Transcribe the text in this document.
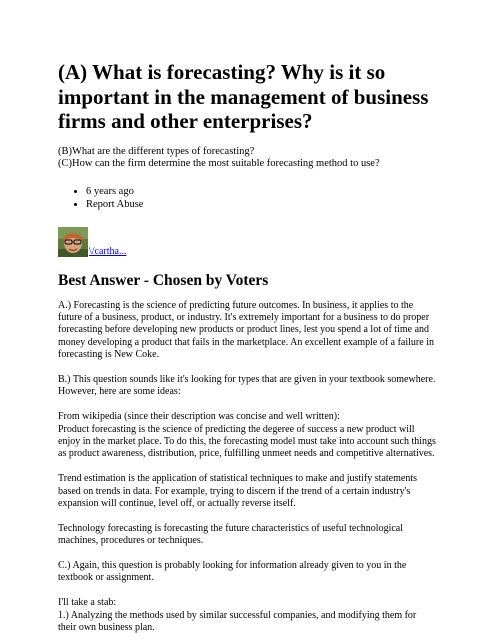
(A) What is forecasting? Why is it so important in the management of business firms and other enterprises?
(B)What are the different types of forecasting?
(C)How can the firm determine the most suitable forecasting method to use?
• 6 years ago
• Report Abuse
\/cartha...
Best Answer - Chosen by Voters

A.) Forecasting is the science of predicting future outcomes. In business, it applies to the future of a business, product, or industry. It's extremely important for a business to do proper forecasting before developing new products or product lines, lest you spend a lot of time and money developing a product that fails in the marketplace. An excellent example of a failure in forecasting is New Coke.

B.) This question sounds like it's looking for types that are given in your textbook somewhere. However, here are some ideas:

From wikipedia (since their description was concise and well written):
Product forecasting is the science of predicting the degeree of success a new product will enjoy in the market place. To do this, the forecasting model must take into account such things as product awareness, distribution, price, fulfilling unmeet needs and competitive alternatives.

Trend estimation is the application of statistical techniques to make and justify statements based on trends in data. For example, trying to discern if the trend of a certain industry's expansion will continue, level off, or actually reverse itself.

Technology forecasting is forecasting the future characteristics of useful technological machines, procedures or techniques.

C.) Again, this question is probably looking for information already given to you in the textbook or assignment.

I'll take a stab:
1.) Analyzing the methods used by similar successful companies, and modifying them for their own business plan.
